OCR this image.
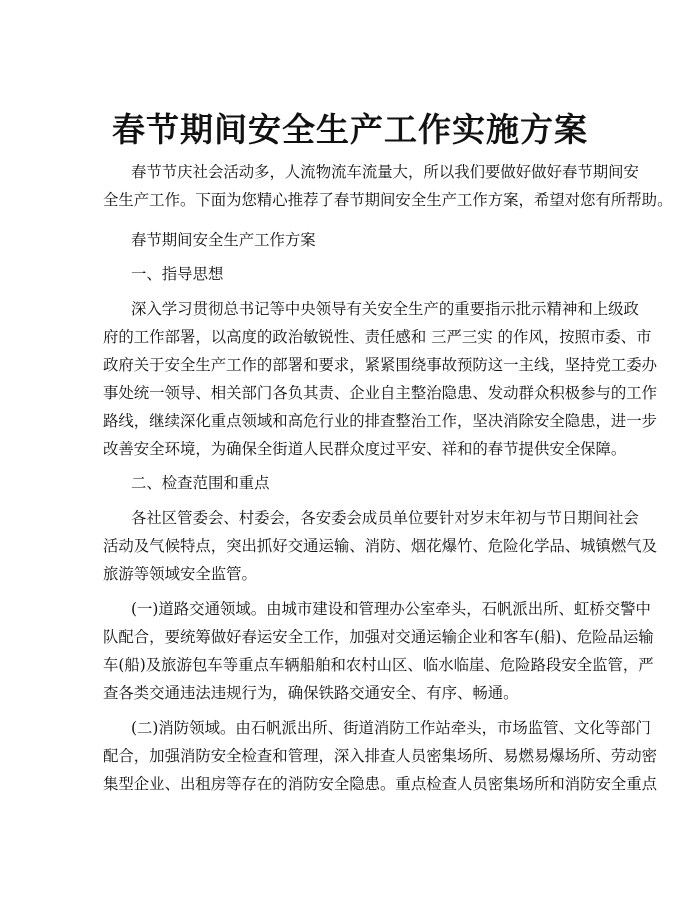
春节期间安全生产工作实施方案

春节节庆社会活动多，人流物流车流量大，所以我们要做好做好春节期间安

全生产工作。下面为您精心推荐了春节期间安全生产工作方案，希望对您有所帮助。

春节期间安全生产工作方案

一、指导思想

深入学习贯彻总书记等中央领导有关安全生产的重要指示批示精神和上级政

府的工作部署，以高度的政治敏锐性、责任感和 三严三实 的作风，按照市委、市

政府关于安全生产工作的部署和要求，紧紧围绕事故预防这一主线，坚持党工委办

事处统一领导、相关部门各负其责、企业自主整治隐患、发动群众积极参与的工作

路线，继续深化重点领域和高危行业的排查整治工作，坚决消除安全隐患，进一步

改善安全环境，为确保全街道人民群众度过平安、祥和的春节提供安全保障。

二、检查范围和重点

各社区管委会、村委会，各安委会成员单位要针对岁末年初与节日期间社会

活动及气候特点，突出抓好交通运输、消防、烟花爆竹、危险化学品、城镇燃气及

旅游等领域安全监管。

(一)道路交通领域。由城市建设和管理办公室牵头，石帆派出所、虹桥交警中

队配合，要统筹做好春运安全工作，加强对交通运输企业和客车(船)、危险品运输

车(船)及旅游包车等重点车辆船舶和农村山区、临水临崖、危险路段安全监管，严

查各类交通违法违规行为，确保铁路交通安全、有序、畅通。

(二)消防领域。由石帆派出所、街道消防工作站牵头，市场监管、文化等部门

配合，加强消防安全检查和管理，深入排查人员密集场所、易燃易爆场所、劳动密

集型企业、出租房等存在的消防安全隐患。重点检查人员密集场所和消防安全重点
